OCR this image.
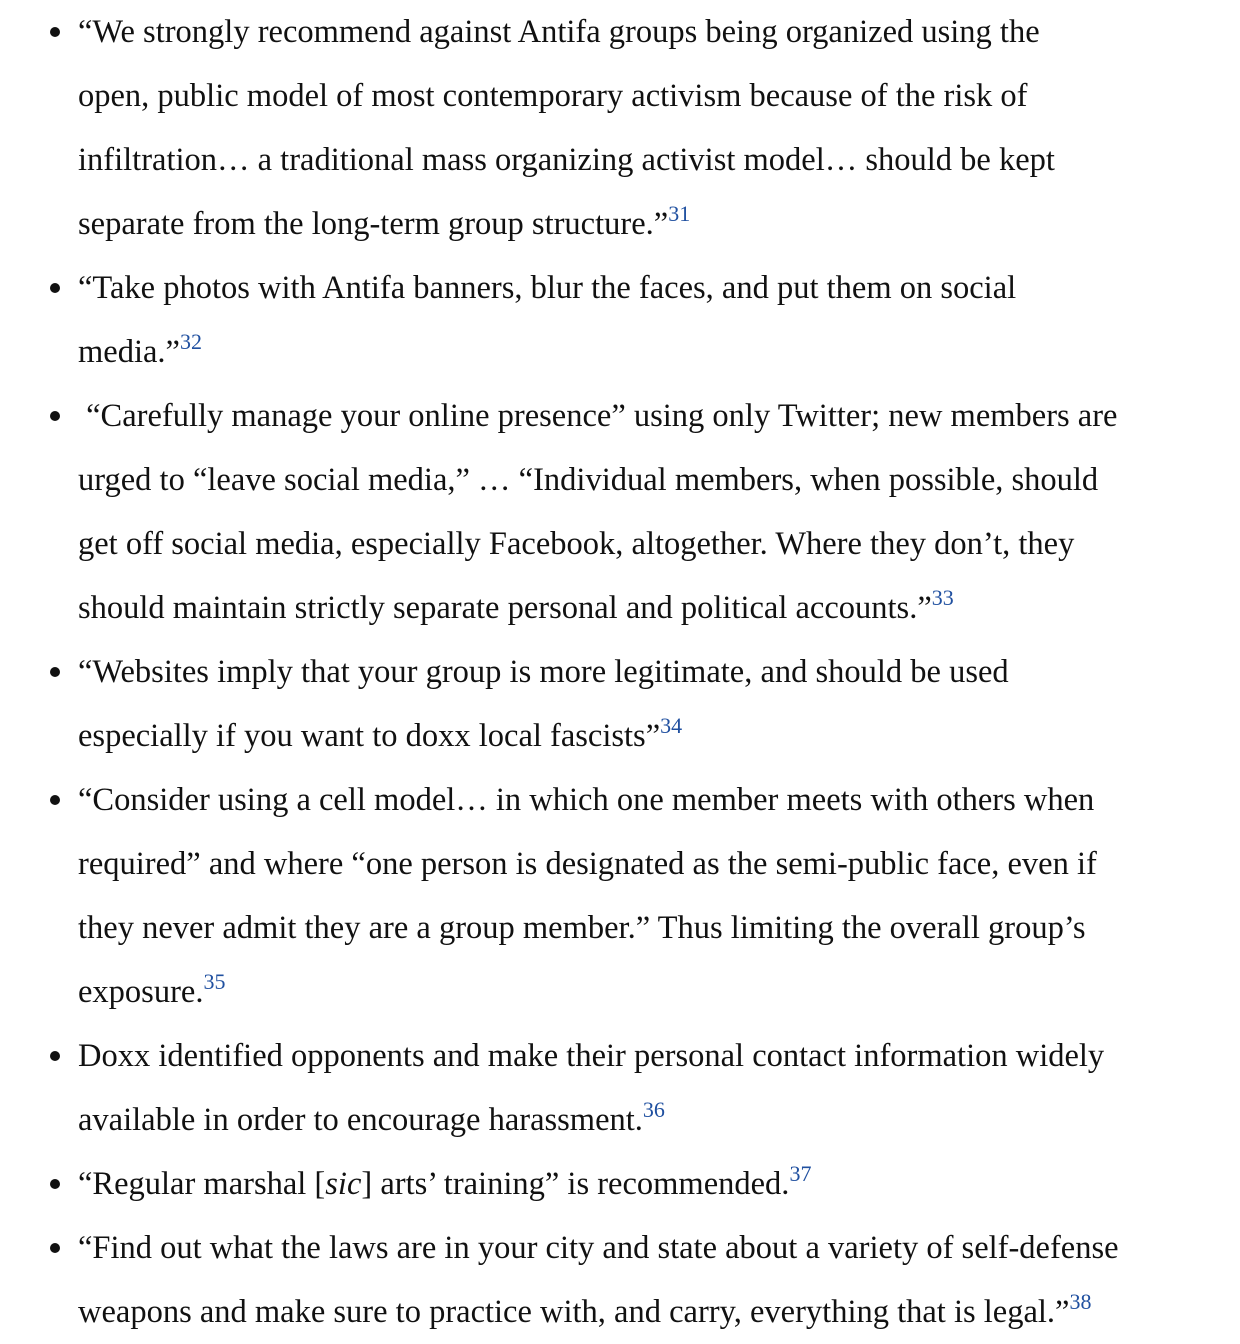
“We strongly recommend against Antifa groups being organized using the
open, public model of most contemporary activism because of the risk of
infiltration… a traditional mass organizing activist model… should be kept
separate from the long-term group structure.”$^{31}$
“Take photos with Antifa banners, blur the faces, and put them on social
media.”$^{32}$
“Carefully manage your online presence” using only Twitter; new members are
urged to “leave social media,” … “Individual members, when possible, should
get off social media, especially Facebook, altogether. Where they don’t, they
should maintain strictly separate personal and political accounts.”$^{33}$
“Websites imply that your group is more legitimate, and should be used
especially if you want to doxx local fascists”$^{34}$
“Consider using a cell model… in which one member meets with others when
required” and where “one person is designated as the semi-public face, even if
they never admit they are a group member.” Thus limiting the overall group’s
exposure.$^{35}$
Doxx identified opponents and make their personal contact information widely
available in order to encourage harassment.$^{36}$
“Regular marshal [sic] arts’ training” is recommended.$^{37}$
“Find out what the laws are in your city and state about a variety of self-defense
weapons and make sure to practice with, and carry, everything that is legal.”$^{38}$
